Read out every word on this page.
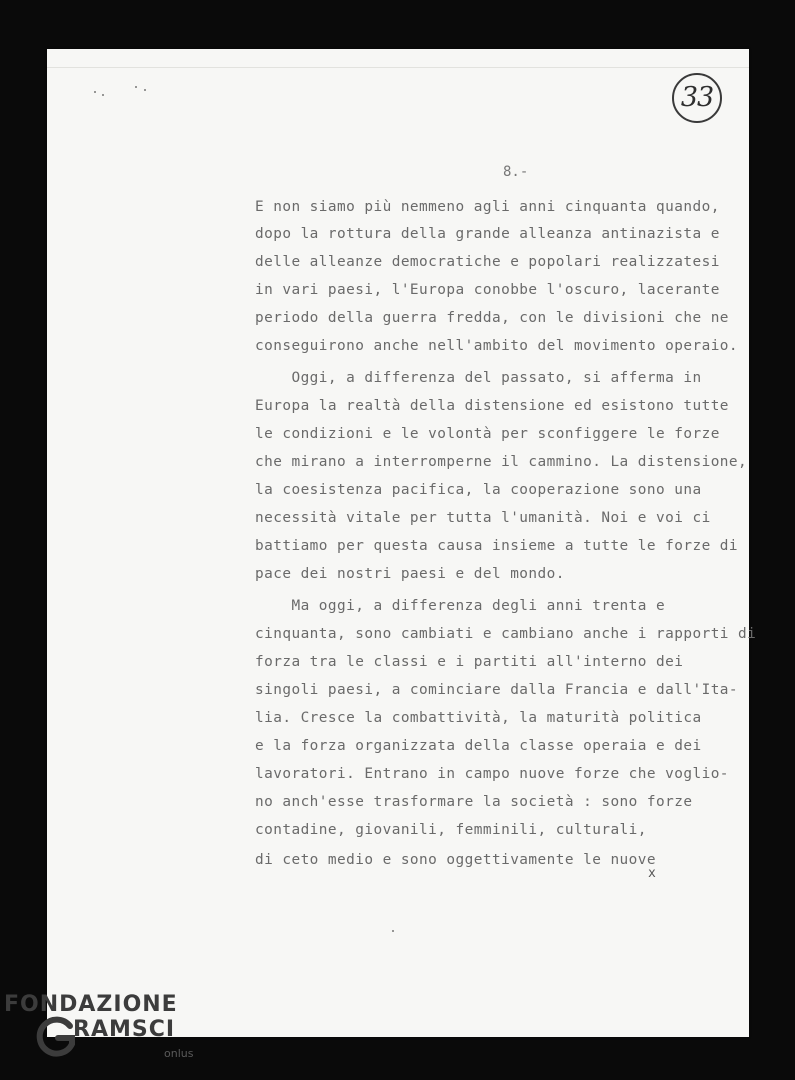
33
8.-
E non siamo più nemmeno agli anni cinquanta quando,
dopo la rottura della grande alleanza antinazista e
delle alleanze democratiche e popolari realizzatesi
in vari paesi, l'Europa conobbe l'oscuro, lacerante
periodo della guerra fredda, con le divisioni che ne
conseguirono anche nell'ambito del movimento operaio.
Oggi, a differenza del passato, si afferma in
Europa la realtà della distensione ed esistono tutte
le condizioni e le volontà per sconfiggere le forze
che mirano a interromperne il cammino. La distensione,
la coesistenza pacifica, la cooperazione sono una
necessità vitale per tutta l'umanità. Noi e voi ci
battiamo per questa causa insieme a tutte le forze di
pace dei nostri paesi e del mondo.
Ma oggi, a differenza degli anni trenta e
cinquanta, sono cambiati e cambiano anche i rapporti di
forza tra le classi e i partiti all'interno dei
singoli paesi, a cominciare dalla Francia e dall'Ita-
lia. Cresce la combattività, la maturità politica
e la forza organizzata della classe operaia e dei
lavoratori. Entrano in campo nuove forze che voglio-
no anch'esse trasformare la società : sono forze
contadine, giovanili, femminili, culturali,
di ceto medio e sono oggettivamente le nuove
x
FONDAZIONE
RAMSCI
onlus
